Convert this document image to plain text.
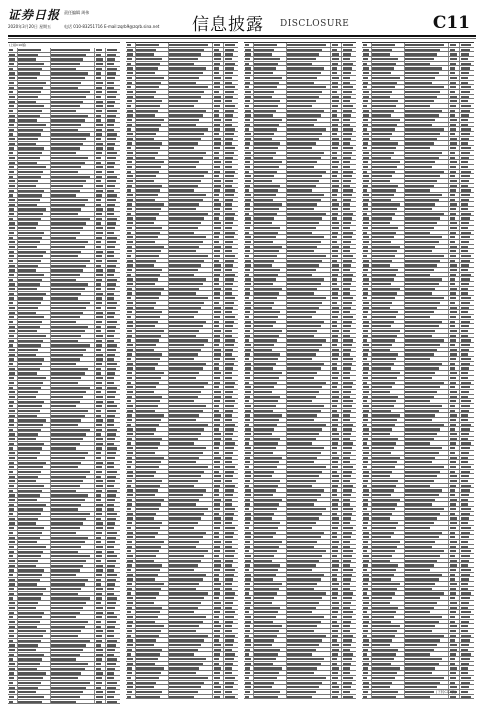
证券日报 责任编辑 周伟
2020年3月20日 星期五	电话 010-83251716 E-mail:zqrb9@zqrb.sina.net 信息披露 DISCLOSURE	C11
(上接C10版)
(下转C12版)
